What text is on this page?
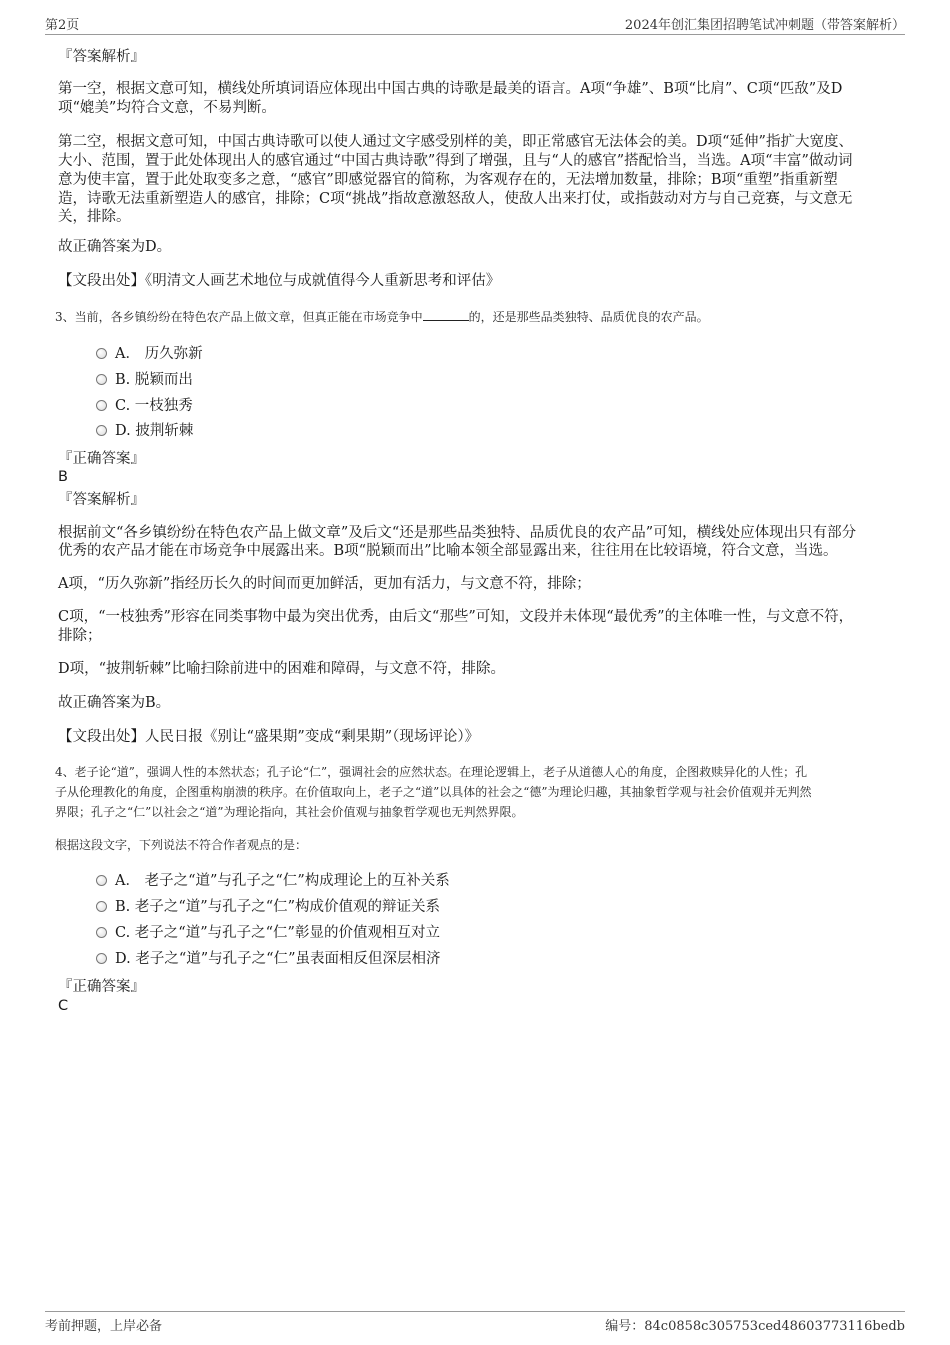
第2页	2024年创汇集团招聘笔试冲刺题（带答案解析）
『答案解析』
第一空，根据文意可知，横线处所填词语应体现出中国古典的诗歌是最美的语言。A项“争雄”、B项“比肩”、C项“匹敌”及D
项“媲美”均符合文意，不易判断。
第二空，根据文意可知，中国古典诗歌可以使人通过文字感受别样的美，即正常感官无法体会的美。D项“延伸”指扩大宽度、
大小、范围，置于此处体现出人的感官通过“中国古典诗歌”得到了增强，且与“人的感官”搭配恰当，当选。A项“丰富”做动词
意为使丰富，置于此处取变多之意，“感官”即感觉器官的简称，为客观存在的，无法增加数量，排除；B项“重塑”指重新塑
造，诗歌无法重新塑造人的感官，排除；C项“挑战”指故意激怒敌人，使敌人出来打仗，或指鼓动对方与自己竞赛，与文意无
关，排除。
故正确答案为D。
【文段出处】《明清文人画艺术地位与成就值得今人重新思考和评估》
3、当前，各乡镇纷纷在特色农产品上做文章，但真正能在市场竞争中	的，还是那些品类独特、品质优良的农产品。
A． 历久弥新
B. 脱颖而出
C. 一枝独秀
D. 披荆斩棘
『正确答案』
B
『答案解析』
根据前文“各乡镇纷纷在特色农产品上做文章”及后文“还是那些品类独特、品质优良的农产品”可知，横线处应体现出只有部分
优秀的农产品才能在市场竞争中展露出来。B项“脱颖而出”比喻本领全部显露出来，往往用在比较语境，符合文意，当选。
A项，“历久弥新”指经历长久的时间而更加鲜活，更加有活力，与文意不符，排除；
C项，“一枝独秀”形容在同类事物中最为突出优秀，由后文“那些”可知，文段并未体现“最优秀”的主体唯一性，与文意不符，
排除；
D项，“披荆斩棘”比喻扫除前进中的困难和障碍，与文意不符，排除。
故正确答案为B。
【文段出处】人民日报《别让“盛果期”变成“剩果期”（现场评论）》
4、老子论“道”，强调人性的本然状态；孔子论“仁”，强调社会的应然状态。在理论逻辑上，老子从道德人心的角度，企图救赎异化的人性；孔
子从伦理教化的角度，企图重构崩溃的秩序。在价值取向上，老子之“道”以具体的社会之“德”为理论归趣，其抽象哲学观与社会价值观并无判然
界限；孔子之“仁”以社会之“道”为理论指向，其社会价值观与抽象哲学观也无判然界限。
根据这段文字，下列说法不符合作者观点的是：
A． 老子之“道”与孔子之“仁”构成理论上的互补关系
B. 老子之“道”与孔子之“仁”构成价值观的辩证关系
C. 老子之“道”与孔子之“仁”彰显的价值观相互对立
D. 老子之“道”与孔子之“仁”虽表面相反但深层相济
『正确答案』
C
考前押题，上岸必备	编号：84c0858c305753ced48603773116bedb
